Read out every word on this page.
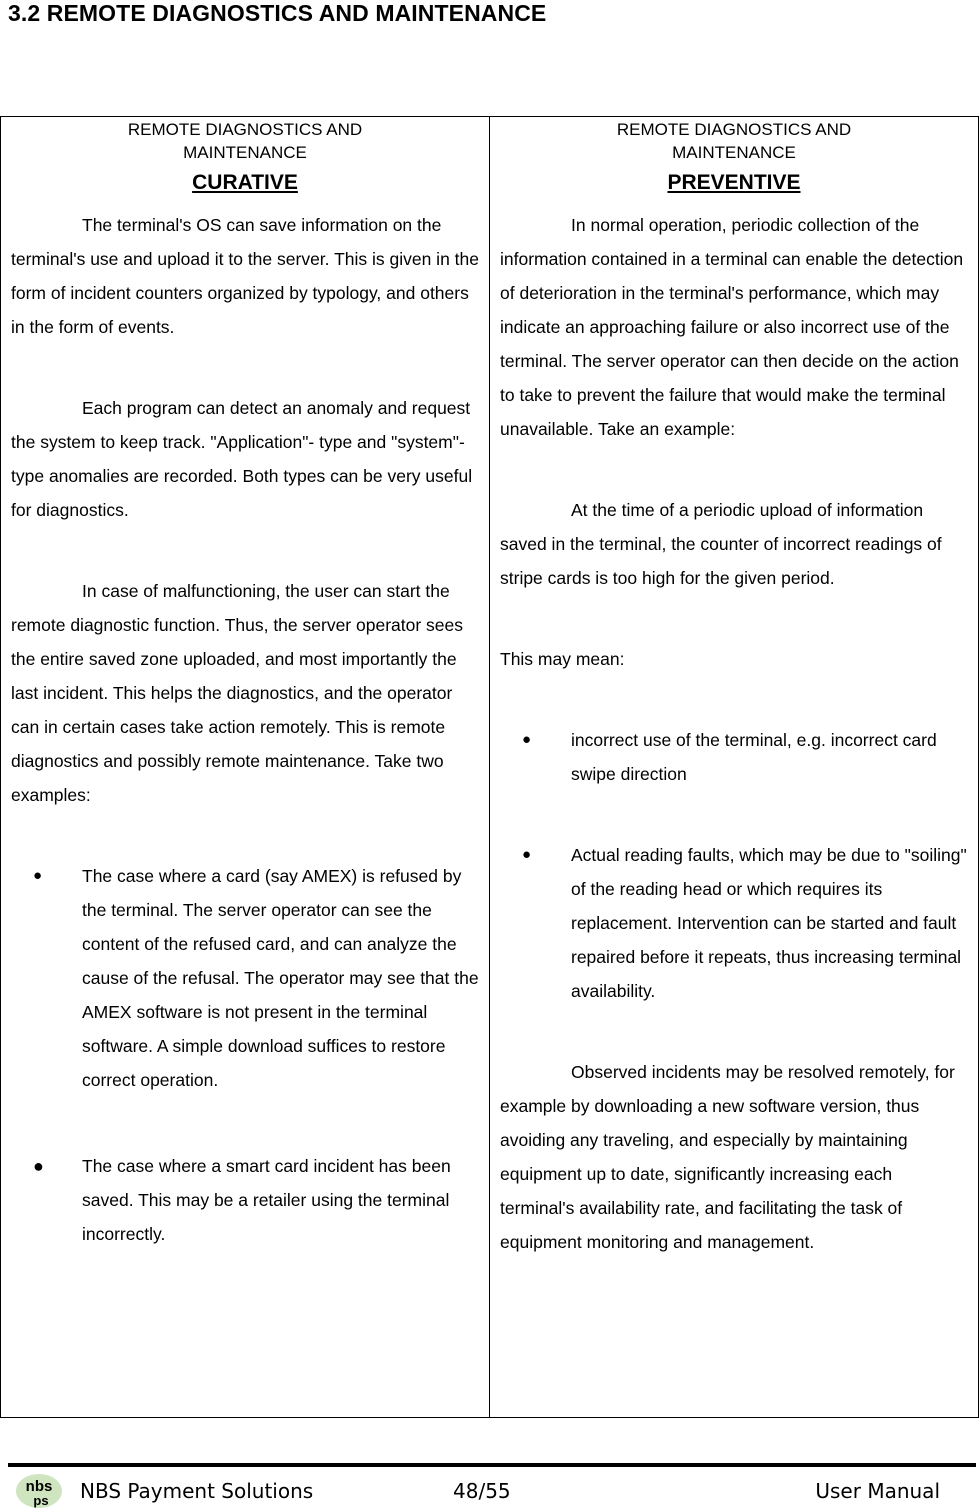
3.2 REMOTE DIAGNOSTICS AND MAINTENANCE
REMOTE DIAGNOSTICS AND MAINTENANCE
CURATIVE

The terminal's OS can save information on the terminal's use and upload it to the server. This is given in the form of incident counters organized by typology, and others in the form of events.

Each program can detect an anomaly and request the system to keep track. "Application"- type and "system"-type anomalies are recorded. Both types can be very useful for diagnostics.

In case of malfunctioning, the user can start the remote diagnostic function. Thus, the server operator sees the entire saved zone uploaded, and most importantly the last incident. This helps the diagnostics, and the operator can in certain cases take action remotely. This is remote diagnostics and possibly remote maintenance. Take two examples:

● The case where a card (say AMEX) is refused by the terminal. The server operator can see the content of the refused card, and can analyze the cause of the refusal. The operator may see that the AMEX software is not present in the terminal software. A simple download suffices to restore correct operation.
● The case where a smart card incident has been saved. This may be a retailer using the terminal incorrectly.
REMOTE DIAGNOSTICS AND MAINTENANCE
PREVENTIVE

In normal operation, periodic collection of the information contained in a terminal can enable the detection of deterioration in the terminal's performance, which may indicate an approaching failure or also incorrect use of the terminal. The server operator can then decide on the action to take to prevent the failure that would make the terminal unavailable. Take an example:

At the time of a periodic upload of information saved in the terminal, the counter of incorrect readings of stripe cards is too high for the given period.

This may mean:

● incorrect use of the terminal, e.g. incorrect card swipe direction
● Actual reading faults, which may be due to "soiling" of the reading head or which requires its replacement. Intervention can be started and fault repaired before it repeats, thus increasing terminal availability.

Observed incidents may be resolved remotely, for example by downloading a new software version, thus avoiding any traveling, and especially by maintaining equipment up to date, significantly increasing each terminal's availability rate, and facilitating the task of equipment monitoring and management.

nbs
ps NBS Payment Solutions	48/55	User Manual
